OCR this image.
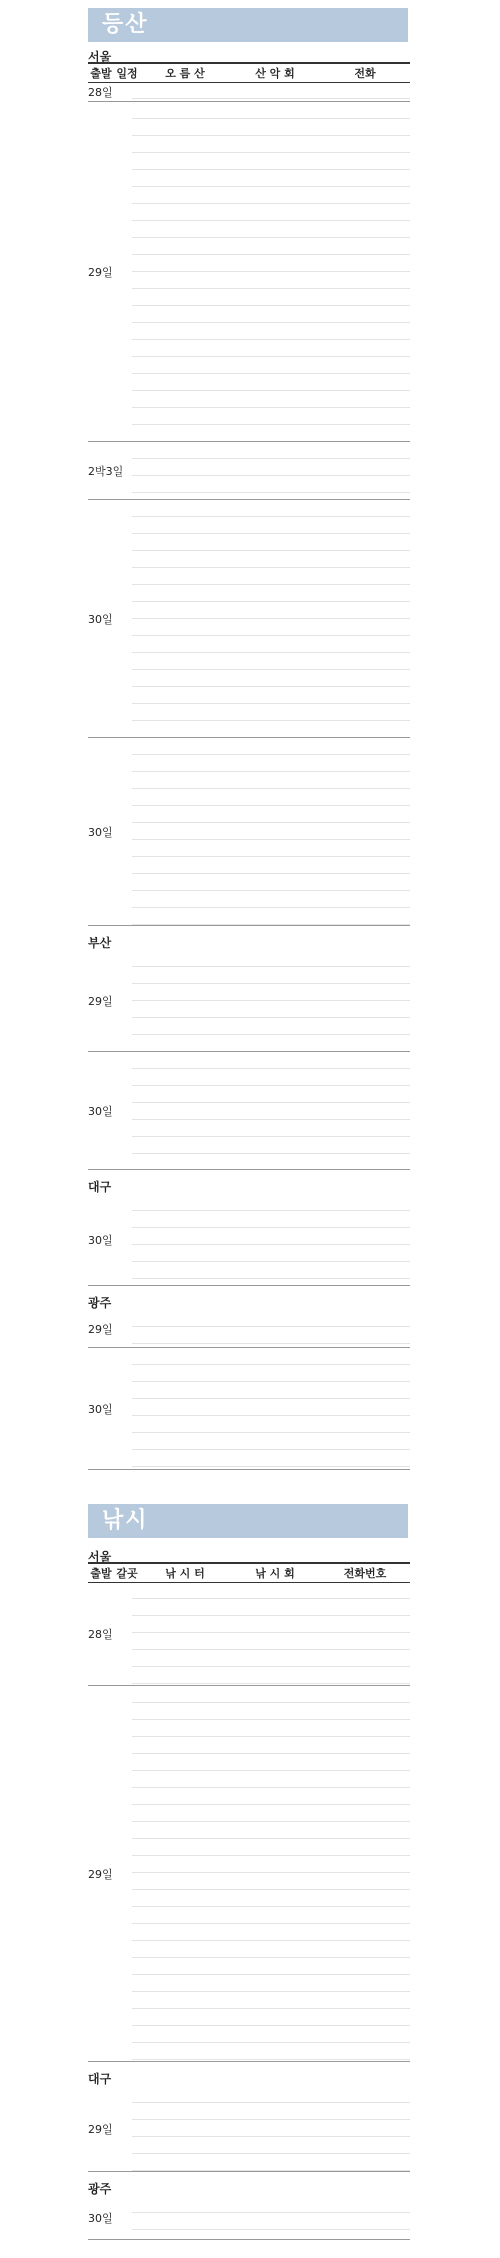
등산
서울
출발 일정	오 름 산	산 악 회	전화
28일
29일
2박3일
30일
30일
부산
29일
30일
대구
30일
광주
29일
30일
낚시
서울
출발 갈곳	낚 시 터	낚 시 회	전화번호
28일
29일
대구
29일
광주
30일
